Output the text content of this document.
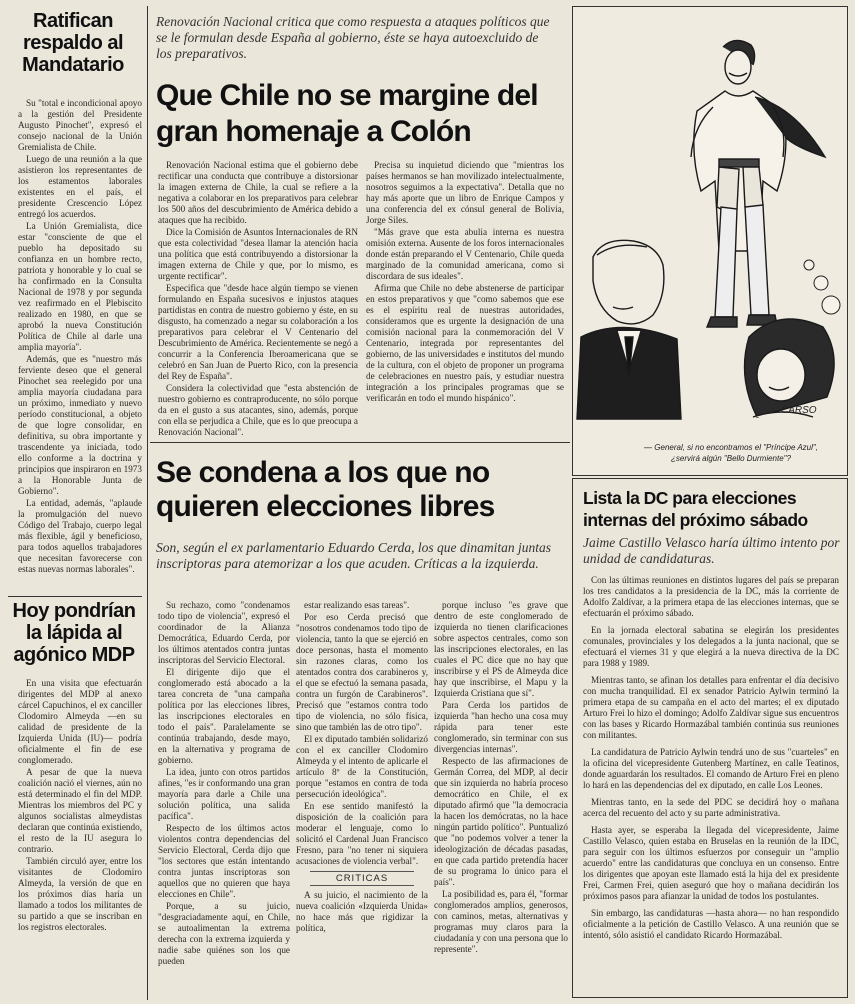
Ratifican respaldo al Mandatario

Su "total e incondicional apoyo a la gestión del Presidente Augusto Pinochet", expresó el consejo nacional de la Unión Gremialista de Chile.

Luego de una reunión a la que asistieron los representantes de los estamentos laborales existentes en el país, el presidente Crescencio López entregó los acuerdos.

La Unión Gremialista, dice estar "consciente de que el pueblo ha depositado su confianza en un hombre recto, patriota y honorable y lo cual se ha confirmado en la Consulta Nacional de 1978 y por segunda vez reafirmado en el Plebiscito realizado en 1980, en que se aprobó la nueva Constitución Política de Chile al darle una amplia mayoría".

Además, que es "nuestro más ferviente deseo que el general Pinochet sea reelegido por una amplia mayoría ciudadana para un próximo, inmediato y nuevo período constitucional, a objeto de que logre consolidar, en definitiva, su obra importante y trascendente ya iniciada, todo ello conforme a la doctrina y principios que inspiraron en 1973 a la Honorable Junta de Gobierno".

La entidad, además, "aplaude la promulgación del nuevo Código del Trabajo, cuerpo legal más flexible, ágil y beneficioso, para todos aquellos trabajadores que necesitan favorecerse con estas nuevas normas laborales".

Hoy pondrían la lápida al agónico MDP

En una visita que efectuarán dirigentes del MDP al anexo cárcel Capuchinos, el ex canciller Clodomiro Almeyda —en su calidad de presidente de la Izquierda Unida (IU)— podría oficialmente el fin de ese conglomerado.

A pesar de que la nueva coalición nació el viernes, aún no está determinado el fin del MDP. Mientras los miembros del PC y algunos socialistas almeydistas declaran que continúa existiendo, el resto de la IU asegura lo contrario.

También circuló ayer, entre los visitantes de Clodomiro Almeyda, la versión de que en los próximos días haría un llamado a todos los militantes de su partido a que se inscriban en los registros electorales.

Renovación Nacional critica que como respuesta a ataques políticos que se le formulan desde España al gobierno, éste se haya autoexcluido de los preparativos.
Que Chile no se margine del gran homenaje a Colón

Renovación Nacional estima que el gobierno debe rectificar una conducta que contribuye a distorsionar la imagen externa de Chile, la cual se refiere a la negativa a colaborar en los preparativos para celebrar los 500 años del descubrimiento de América debido a ataques que ha recibido.

Dice la Comisión de Asuntos Internacionales de RN que esta colectividad "desea llamar la atención hacia una política que está contribuyendo a distorsionar la imagen externa de Chile y que, por lo mismo, es urgente rectificar".

Especifica que "desde hace algún tiempo se vienen formulando en España sucesivos e injustos ataques partidistas en contra de nuestro gobierno y éste, en su disgusto, ha comenzado a negar su colaboración a los preparativos para celebrar el V Centenario del Descubrimiento de América. Recientemente se negó a concurrir a la Conferencia Iberoamericana que se celebró en San Juan de Puerto Rico, con la presencia del Rey de España".

Considera la colectividad que "esta abstención de nuestro gobierno es contraproducente, no sólo porque da en el gusto a sus atacantes, sino, además, porque con ella se perjudica a Chile, que es lo que preocupa a Renovación Nacional".

Precisa su inquietud diciendo que "mientras los países hermanos se han movilizado intelectualmente, nosotros seguimos a la expectativa". Detalla que no hay más aporte que un libro de Enrique Campos y una conferencia del ex cónsul general de Bolivia, Jorge Siles.

"Más grave que esta abulia interna es nuestra omisión externa. Ausente de los foros internacionales donde están preparando el V Centenario, Chile queda marginado de la comunidad americana, como si discordara de sus ideales".

Afirma que Chile no debe abstenerse de participar en estos preparativos y que "como sabemos que ese es el espíritu real de nuestras autoridades, consideramos que es urgente la designación de una comisión nacional para la conmemoración del V Centenario, integrada por representantes del gobierno, de las universidades e institutos del mundo de la cultura, con el objeto de proponer un programa de celebraciones en nuestro país, y estudiar nuestra integración a los principales programas que se verificarán en todo el mundo hispánico".

CARSO
— General, si no encontramos el "Príncipe Azul",
¿servirá algún "Bello Durmiente"?
Se condena a los que no quieren elecciones libres
Son, según el ex parlamentario Eduardo Cerda, los que dinamitan juntas inscriptoras para atemorizar a los que acuden. Críticas a la izquierda.

Su rechazo, como "condenamos todo tipo de violencia", expresó el coordinador de la Alianza Democrática, Eduardo Cerda, por los últimos atentados contra juntas inscriptoras del Servicio Electoral.

El dirigente dijo que el conglomerado está abocado a la tarea concreta de "una campaña política por las elecciones libres, las inscripciones electorales en todo el país". Paralelamente se continúa trabajando, desde mayo, en la alternativa y programa de gobierno.

La idea, junto con otros partidos afines, "es ir conformando una gran mayoría para darle a Chile una solución política, una salida pacífica".

Respecto de los últimos actos violentos contra dependencias del Servicio Electoral, Cerda dijo que "los sectores que están intentando contra juntas inscriptoras son aquellos que no quieren que haya elecciones en Chile".

Porque, a su juicio, "desgraciadamente aquí, en Chile, se autoalimentan la extrema derecha con la extrema izquierda y nadie sabe quiénes son los que pueden

estar realizando esas tareas".

Por eso Cerda precisó que "nosotros condenamos todo tipo de violencia, tanto la que se ejerció en doce personas, hasta el momento sin razones claras, como los atentados contra dos carabineros y, el que se efectuó la semana pasada, contra un furgón de Carabineros". Precisó que "estamos contra todo tipo de violencia, no sólo física, sino que también las de otro tipo".

El ex diputado también solidarizó con el ex canciller Clodomiro Almeyda y el intento de aplicarle el artículo 8º de la Constitución, porque "estamos en contra de toda persecución ideológica".

En ese sentido manifestó la disposición de la coalición para moderar el lenguaje, como lo solicitó el Cardenal Juan Francisco Fresno, para "no tener ni siquiera acusaciones de violencia verbal".

CRITICAS

A su juicio, el nacimiento de la nueva coalición «Izquierda Unida» no hace más que rigidizar la política,

porque incluso "es grave que dentro de este conglomerado de izquierda no tienen clarificaciones sobre aspectos centrales, como son las inscripciones electorales, en las cuales el PC dice que no hay que inscribirse y el PS de Almeyda dice hay que inscribirse, el Mapu y la Izquierda Cristiana que sí".

Para Cerda los partidos de izquierda "han hecho una cosa muy rápida para tener este conglomerado, sin terminar con sus divergencias internas".

Respecto de las afirmaciones de Germán Correa, del MDP, al decir que sin izquierda no habría proceso democrático en Chile, el ex diputado afirmó que "la democracia la hacen los demócratas, no la hace ningún partido político". Puntualizó que "no podemos volver a tener la ideologización de décadas pasadas, en que cada partido pretendía hacer de su programa lo único para el país".

La posibilidad es, para él, "formar conglomerados amplios, generosos, con caminos, metas, alternativas y programas muy claros para la ciudadanía y con una persona que lo represente".

Lista la DC para elecciones internas del próximo sábado
Jaime Castillo Velasco haría último intento por unidad de candidaturas.

Con las últimas reuniones en distintos lugares del país se preparan los tres candidatos a la presidencia de la DC, más la corriente de Adolfo Zaldívar, a la primera etapa de las elecciones internas, que se efectuarán el próximo sábado.

En la jornada electoral sabatina se elegirán los presidentes comunales, provinciales y los delegados a la junta nacional, que se efectuará el viernes 31 y que elegirá a la nueva directiva de la DC para 1988 y 1989.

Mientras tanto, se afinan los detalles para enfrentar el día decisivo con mucha tranquilidad. El ex senador Patricio Aylwin terminó la primera etapa de su campaña en el acto del martes; el ex diputado Arturo Frei lo hizo el domingo; Adolfo Zaldívar sigue sus encuentros con las bases y Ricardo Hormazábal también continúa sus reuniones con militantes.

La candidatura de Patricio Aylwin tendrá uno de sus "cuarteles" en la oficina del vicepresidente Gutenberg Martínez, en calle Teatinos, donde aguardarán los resultados. El comando de Arturo Frei en pleno lo hará en las dependencias del ex diputado, en calle Los Leones.

Mientras tanto, en la sede del PDC se decidirá hoy o mañana acerca del recuento del acto y su parte administrativa.

Hasta ayer, se esperaba la llegada del vicepresidente, Jaime Castillo Velasco, quien estaba en Bruselas en la reunión de la IDC, para seguir con los últimos esfuerzos por conseguir un "amplio acuerdo" entre las candidaturas que concluya en un consenso. Entre los dirigentes que apoyan este llamado está la hija del ex presidente Frei, Carmen Frei, quien aseguró que hoy o mañana decidirán los próximos pasos para afianzar la unidad de todos los postulantes.

Sin embargo, las candidaturas —hasta ahora— no han respondido oficialmente a la petición de Castillo Velasco. A una reunión que se intentó, sólo asistió el candidato Ricardo Hormazábal.
